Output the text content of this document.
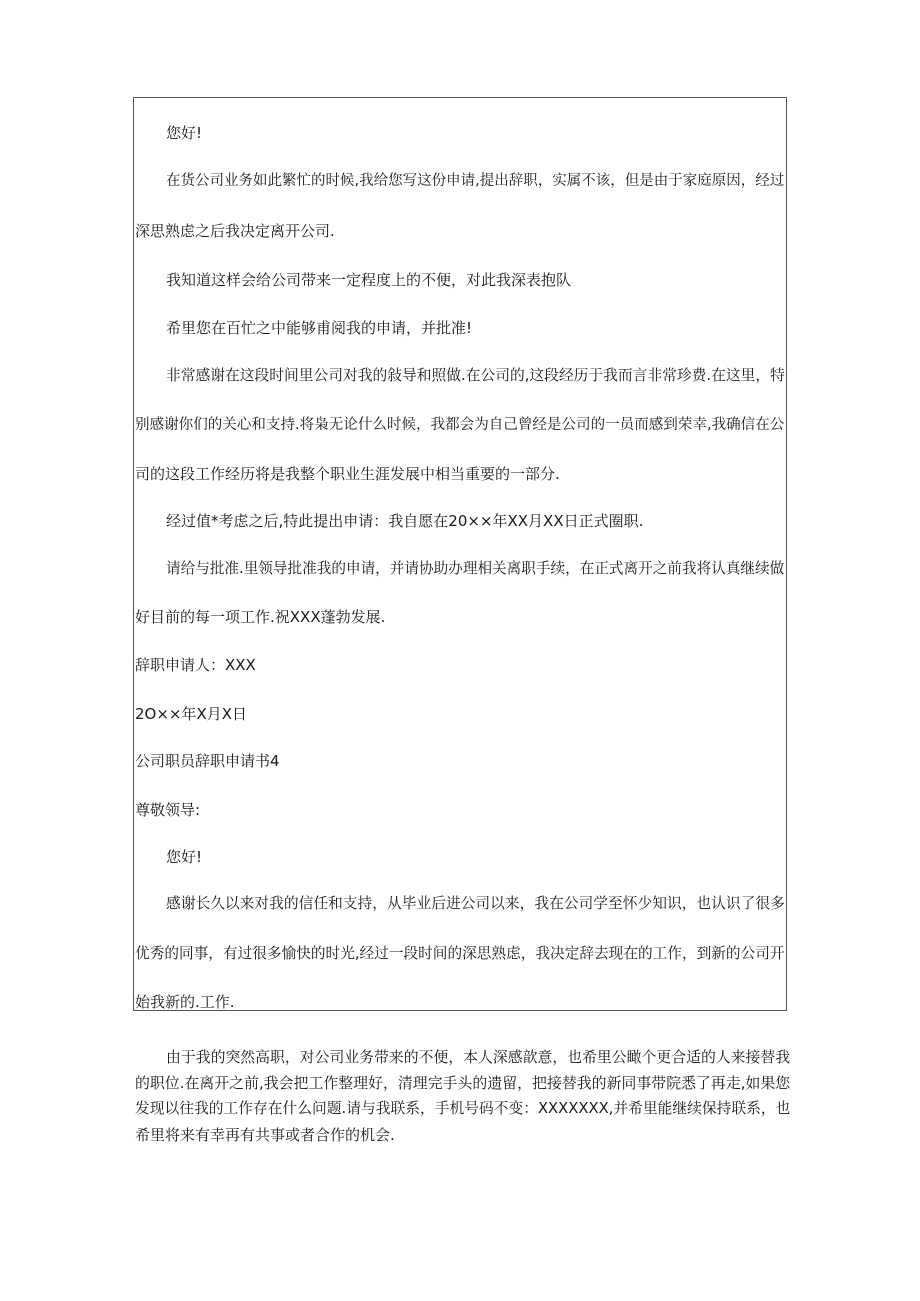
您好!
在货公司业务如此繁忙的时候,我给您写这份申请,提出辞职，实属不该，但是由于家庭原因，经过
深思熟虑之后我决定离开公司.
我知道这样会给公司带来一定程度上的不便，对此我深表抱队
希里您在百忙之中能够甫阅我的申请，并批准!
非常感谢在这段时间里公司对我的敍导和照做.在公司的,这段经历于我而言非常珍费.在这里，特
别感谢你们的关心和支持.将枭无论什么时候，我都会为自己曾经是公司的一员而感到荣幸,我确信在公
司的这段工作经历将是我整个职业生涯发展中相当重要的一部分.
经过值*考虑之后,特此提出申请：我自愿在20××年XX月XX日正式圈职.
请给与批准.里领导批准我的申请，并请协助办理相关离职手续，在正式离开之前我将认真继续做
好目前的每一项工作.祝XXX蓬勃发展.
辞职申请人：XXX
2O××年X月X日
公司职员辞职申请书4
尊敬领导:
您好!
感谢长久以来对我的信任和支持，从毕业后进公司以来，我在公司学至怀少知识，也认识了很多
优秀的同事，有过很多愉快的时光,经过一段时间的深思熟虑，我决定辞去现在的工作，到新的公司开
始我新的.工作.
由于我的突然高职，对公司业务带来的不便，本人深感歆意，也希里公瞰个更合适的人来接替我
的职位.在离开之前,我会把工作整理好，清理完手头的遗留，把接替我的新同事带院悉了再走,如果您
发现以往我的工作存在什么问题.请与我联系，手机号码不变：XXXXXXX,并希里能继续保持联系，也
希里将来有幸再有共事或者合作的机会.
